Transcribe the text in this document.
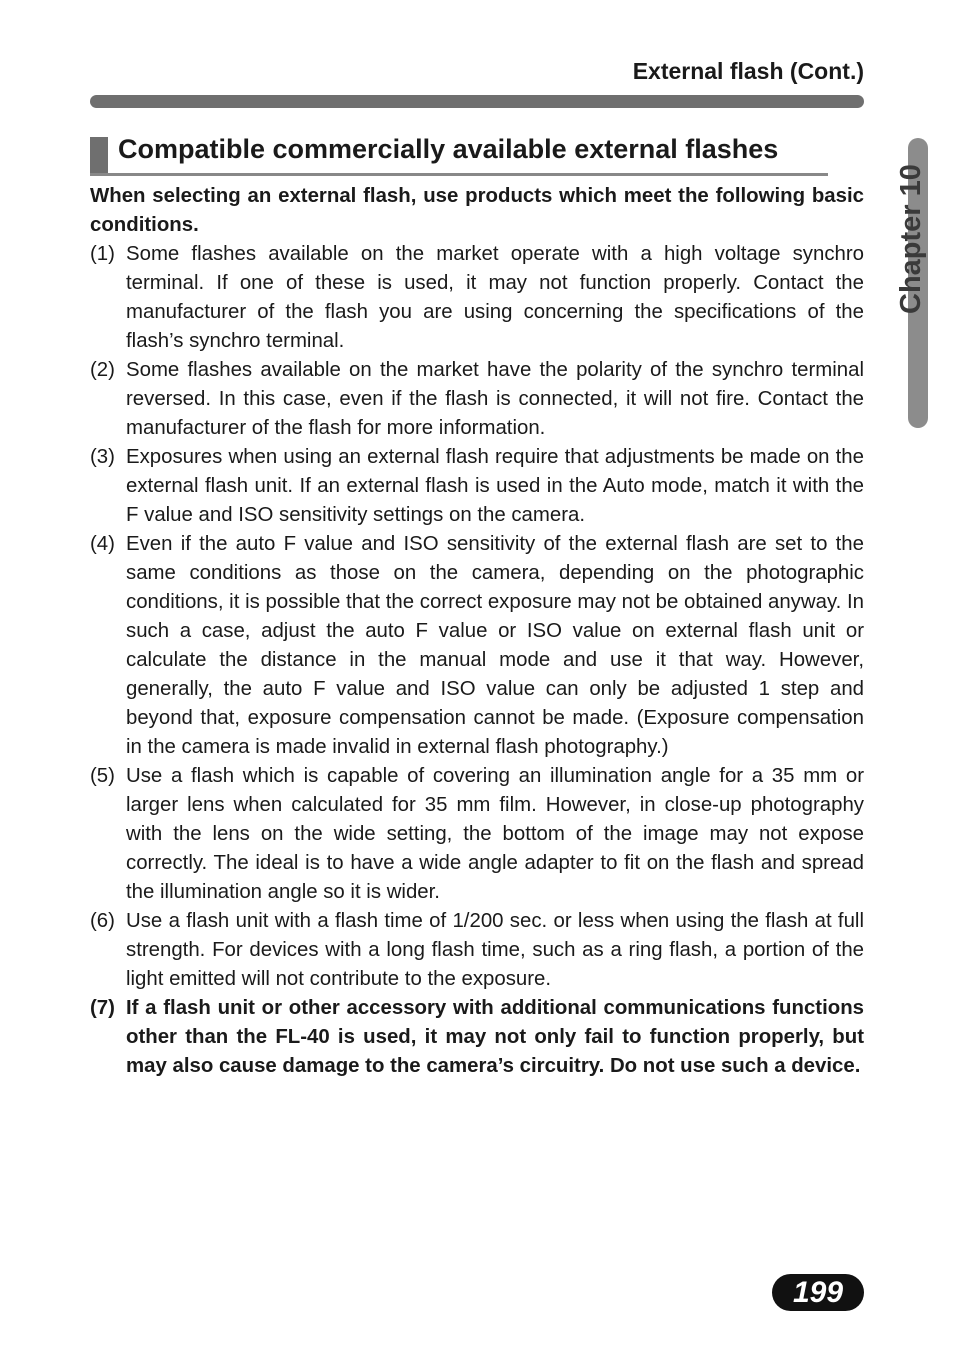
External flash (Cont.)
Chapter 10
Compatible commercially available external flashes

When selecting an external flash, use products which meet the following basic conditions.

(1) Some flashes available on the market operate with a high voltage synchro terminal. If one of these is used, it may not function properly. Contact the manufacturer of the flash you are using concerning the specifications of the flash’s synchro terminal.
(2) Some flashes available on the market have the polarity of the synchro terminal reversed. In this case, even if the flash is connected, it will not fire. Contact the manufacturer of the flash for more information.
(3) Exposures when using an external flash require that adjustments be made on the external flash unit. If an external flash is used in the Auto mode, match it with the F value and ISO sensitivity settings on the camera.
(4) Even if the auto F value and ISO sensitivity of the external flash are set to the same conditions as those on the camera, depending on the photographic conditions, it is possible that the correct exposure may not be obtained anyway. In such a case, adjust the auto F value or ISO value on external flash unit or calculate the distance in the manual mode and use it that way. However, generally, the auto F value and ISO value can only be adjusted 1 step and beyond that, exposure compensation cannot be made. (Exposure compensation in the camera is made invalid in external flash photography.)
(5) Use a flash which is capable of covering an illumination angle for a 35 mm or larger lens when calculated for 35 mm film. However, in close-up photography with the lens on the wide setting, the bottom of the image may not expose correctly. The ideal is to have a wide angle adapter to fit on the flash and spread the illumination angle so it is wider.
(6) Use a flash unit with a flash time of 1/200 sec. or less when using the flash at full strength. For devices with a long flash time, such as a ring flash, a portion of the light emitted will not contribute to the exposure.
(7) If a flash unit or other accessory with additional communications functions other than the FL-40 is used, it may not only fail to function properly, but may also cause damage to the camera’s circuitry. Do not use such a device.
199
